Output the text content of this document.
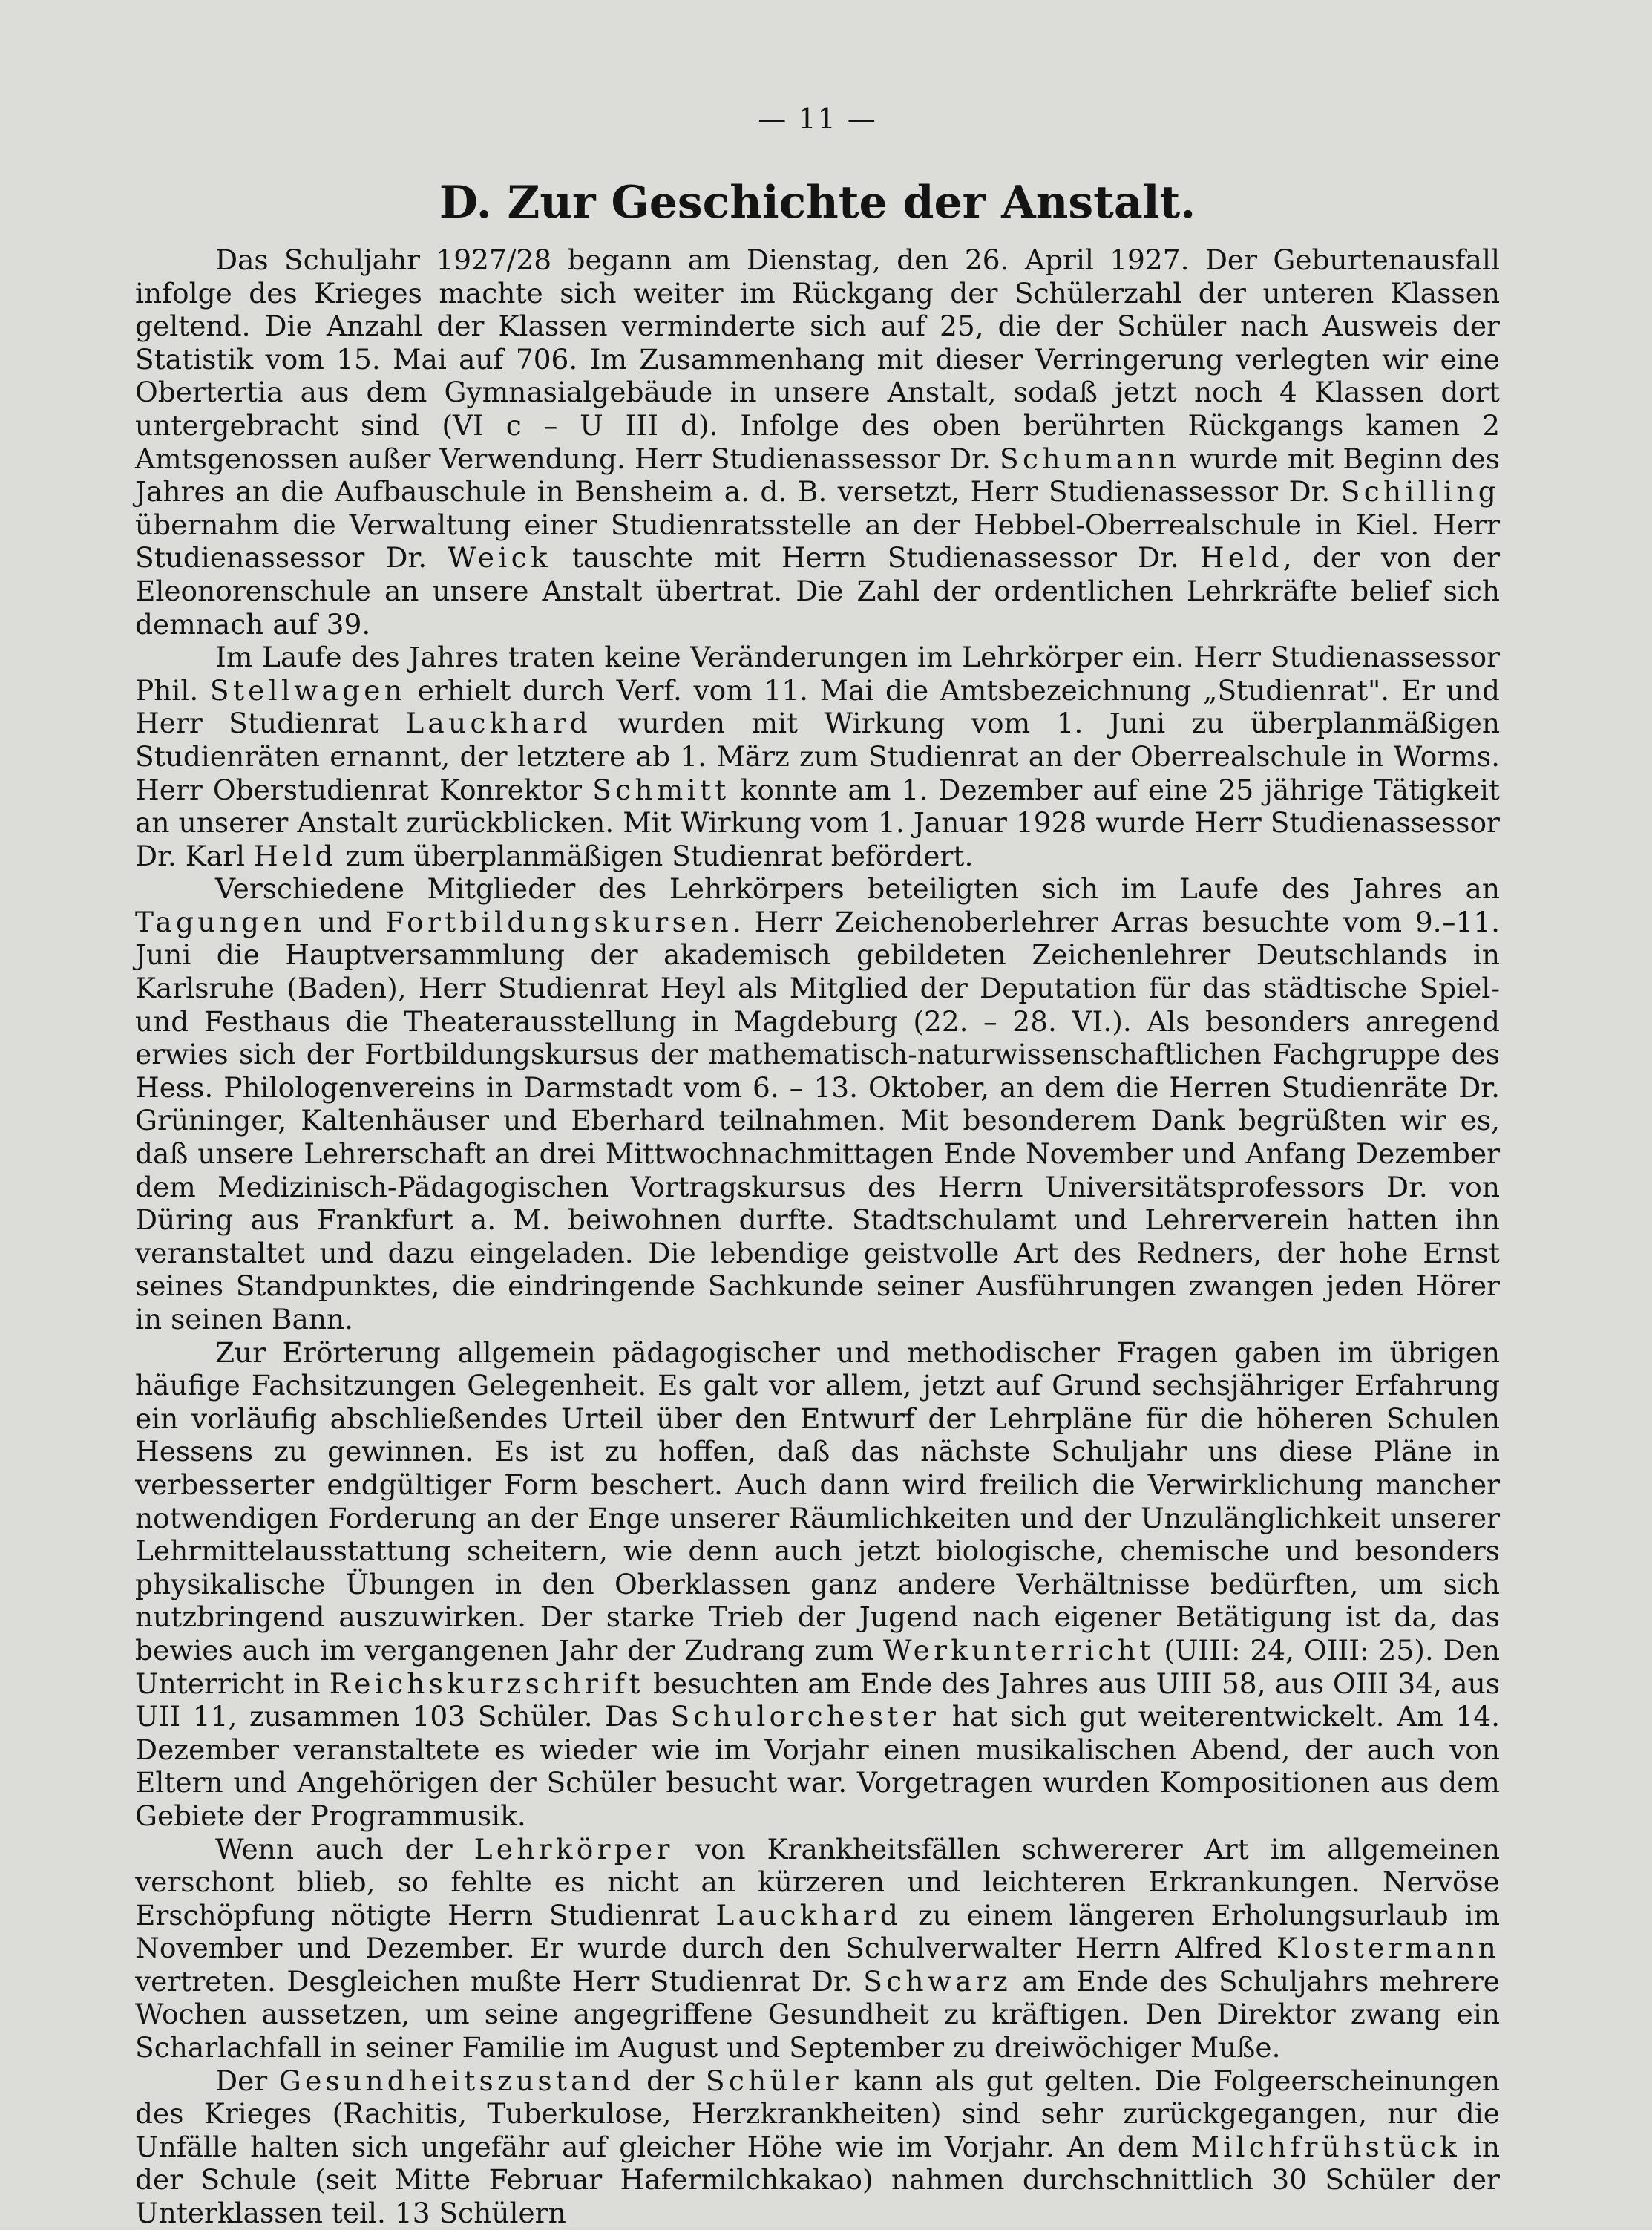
— 11 —
D. Zur Geschichte der Anstalt.

Das Schuljahr 1927/28 begann am Dienstag, den 26. April 1927. Der Geburtenausfall infolge des Krieges machte sich weiter im Rückgang der Schülerzahl der unteren Klassen geltend. Die Anzahl der Klassen verminderte sich auf 25, die der Schüler nach Ausweis der Statistik vom 15. Mai auf 706. Im Zusammenhang mit dieser Verringerung verlegten wir eine Obertertia aus dem Gymnasialgebäude in unsere Anstalt, sodaß jetzt noch 4 Klassen dort untergebracht sind (VI c – U III d). Infolge des oben berührten Rückgangs kamen 2 Amtsgenossen außer Verwendung. Herr Studienassessor Dr. Schumann wurde mit Beginn des Jahres an die Aufbauschule in Bensheim a. d. B. versetzt, Herr Studienassessor Dr. Schilling übernahm die Verwaltung einer Studienratsstelle an der Hebbel-Oberrealschule in Kiel. Herr Studienassessor Dr. Weick tauschte mit Herrn Studienassessor Dr. Held, der von der Eleonorenschule an unsere Anstalt übertrat. Die Zahl der ordentlichen Lehrkräfte belief sich demnach auf 39.

Im Laufe des Jahres traten keine Veränderungen im Lehrkörper ein. Herr Studienassessor Phil. Stellwagen erhielt durch Verf. vom 11. Mai die Amtsbezeichnung „Studienrat". Er und Herr Studienrat Lauckhard wurden mit Wirkung vom 1. Juni zu überplanmäßigen Studienräten ernannt, der letztere ab 1. März zum Studienrat an der Oberrealschule in Worms. Herr Oberstudienrat Konrektor Schmitt konnte am 1. Dezember auf eine 25 jährige Tätigkeit an unserer Anstalt zurückblicken. Mit Wirkung vom 1. Januar 1928 wurde Herr Studienassessor Dr. Karl Held zum überplanmäßigen Studienrat befördert.

Verschiedene Mitglieder des Lehrkörpers beteiligten sich im Laufe des Jahres an Tagungen und Fortbildungskursen. Herr Zeichenoberlehrer Arras besuchte vom 9.–11. Juni die Hauptversammlung der akademisch gebildeten Zeichenlehrer Deutschlands in Karlsruhe (Baden), Herr Studienrat Heyl als Mitglied der Deputation für das städtische Spiel- und Festhaus die Theaterausstellung in Magdeburg (22. – 28. VI.). Als besonders anregend erwies sich der Fortbildungskursus der mathematisch-naturwissenschaftlichen Fachgruppe des Hess. Philologenvereins in Darmstadt vom 6. – 13. Oktober, an dem die Herren Studienräte Dr. Grüninger, Kaltenhäuser und Eberhard teilnahmen. Mit besonderem Dank begrüßten wir es, daß unsere Lehrerschaft an drei Mittwochnachmittagen Ende November und Anfang Dezember dem Medizinisch-Pädagogischen Vortragskursus des Herrn Universitätsprofessors Dr. von Düring aus Frankfurt a. M. beiwohnen durfte. Stadtschulamt und Lehrerverein hatten ihn veranstaltet und dazu eingeladen. Die lebendige geistvolle Art des Redners, der hohe Ernst seines Standpunktes, die eindringende Sachkunde seiner Ausführungen zwangen jeden Hörer in seinen Bann.

Zur Erörterung allgemein pädagogischer und methodischer Fragen gaben im übrigen häufige Fachsitzungen Gelegenheit. Es galt vor allem, jetzt auf Grund sechsjähriger Erfahrung ein vorläufig abschließendes Urteil über den Entwurf der Lehrpläne für die höheren Schulen Hessens zu gewinnen. Es ist zu hoffen, daß das nächste Schuljahr uns diese Pläne in verbesserter endgültiger Form beschert. Auch dann wird freilich die Verwirklichung mancher notwendigen Forderung an der Enge unserer Räumlichkeiten und der Unzulänglichkeit unserer Lehrmittelausstattung scheitern, wie denn auch jetzt biologische, chemische und besonders physikalische Übungen in den Oberklassen ganz andere Verhältnisse bedürften, um sich nutzbringend auszuwirken. Der starke Trieb der Jugend nach eigener Betätigung ist da, das bewies auch im vergangenen Jahr der Zudrang zum Werkunterricht (UIII: 24, OIII: 25). Den Unterricht in Reichskurzschrift besuchten am Ende des Jahres aus UIII 58, aus OIII 34, aus UII 11, zusammen 103 Schüler. Das Schulorchester hat sich gut weiterentwickelt. Am 14. Dezember veranstaltete es wieder wie im Vorjahr einen musikalischen Abend, der auch von Eltern und Angehörigen der Schüler besucht war. Vorgetragen wurden Kompositionen aus dem Gebiete der Programmusik.

Wenn auch der Lehrkörper von Krankheitsfällen schwererer Art im allgemeinen verschont blieb, so fehlte es nicht an kürzeren und leichteren Erkrankungen. Nervöse Erschöpfung nötigte Herrn Studienrat Lauckhard zu einem längeren Erholungsurlaub im November und Dezember. Er wurde durch den Schulverwalter Herrn Alfred Klostermann vertreten. Desgleichen mußte Herr Studienrat Dr. Schwarz am Ende des Schuljahrs mehrere Wochen aussetzen, um seine angegriffene Gesundheit zu kräftigen. Den Direktor zwang ein Scharlachfall in seiner Familie im August und September zu dreiwöchiger Muße.

Der Gesundheitszustand der Schüler kann als gut gelten. Die Folgeerscheinungen des Krieges (Rachitis, Tuberkulose, Herzkrankheiten) sind sehr zurückgegangen, nur die Unfälle halten sich ungefähr auf gleicher Höhe wie im Vorjahr. An dem Milchfrühstück in der Schule (seit Mitte Februar Hafermilchkakao) nahmen durchschnittlich 30 Schüler der Unterklassen teil. 13 Schülern
